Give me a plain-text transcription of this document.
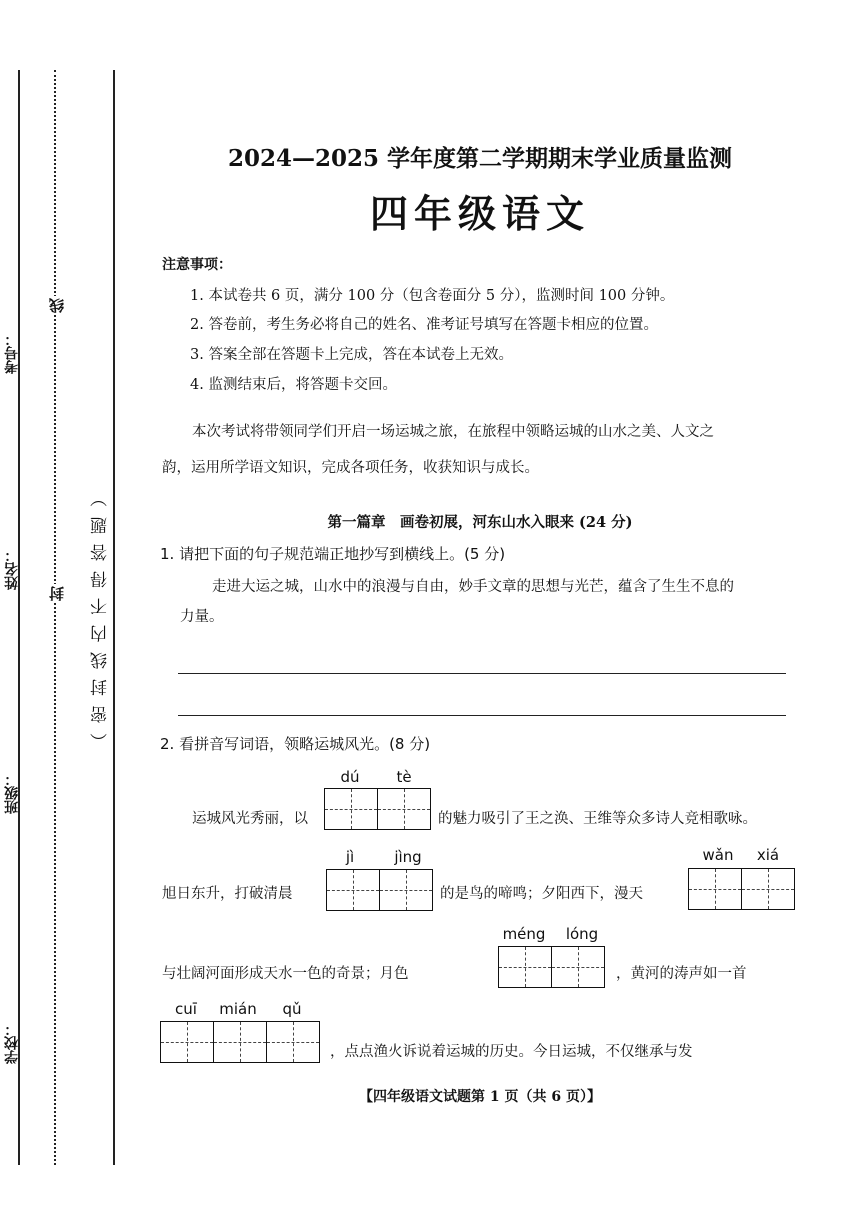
考号：
姓名：
班级：
学校：
线
封 （密封线内不得答题）
2024—2025 学年度第二学期期末学业质量监测
四年级语文
注意事项：
1. 本试卷共 6 页，满分 100 分（包含卷面分 5 分），监测时间 100 分钟。
2. 答卷前，考生务必将自己的姓名、准考证号填写在答题卡相应的位置。
3. 答案全部在答题卡上完成，答在本试卷上无效。
4. 监测结束后，将答题卡交回。
本次考试将带领同学们开启一场运城之旅，在旅程中领略运城的山水之美、人文之
韵，运用所学语文知识，完成各项任务，收获知识与成长。
第一篇章　画卷初展，河东山水入眼来 (24 分)
1. 请把下面的句子规范端正地抄写到横线上。(5 分)
走进大运之城，山水中的浪漫与自由，妙手文章的思想与光芒，蕴含了生生不息的
力量。
2. 看拼音写词语，领略运城风光。(8 分)
dú	tè
运城风光秀丽，以	的魅力吸引了王之涣、王维等众多诗人竞相歌咏。
jì	jìng	wǎn	xiá
旭日东升，打破清晨	的是鸟的啼鸣；夕阳西下，漫天
méng	lóng
与壮阔河面形成天水一色的奇景；月色	，黄河的涛声如一首
cuī	mián	qǔ
，点点渔火诉说着运城的历史。今日运城，不仅继承与发
【四年级语文试题第 1 页（共 6 页）】
